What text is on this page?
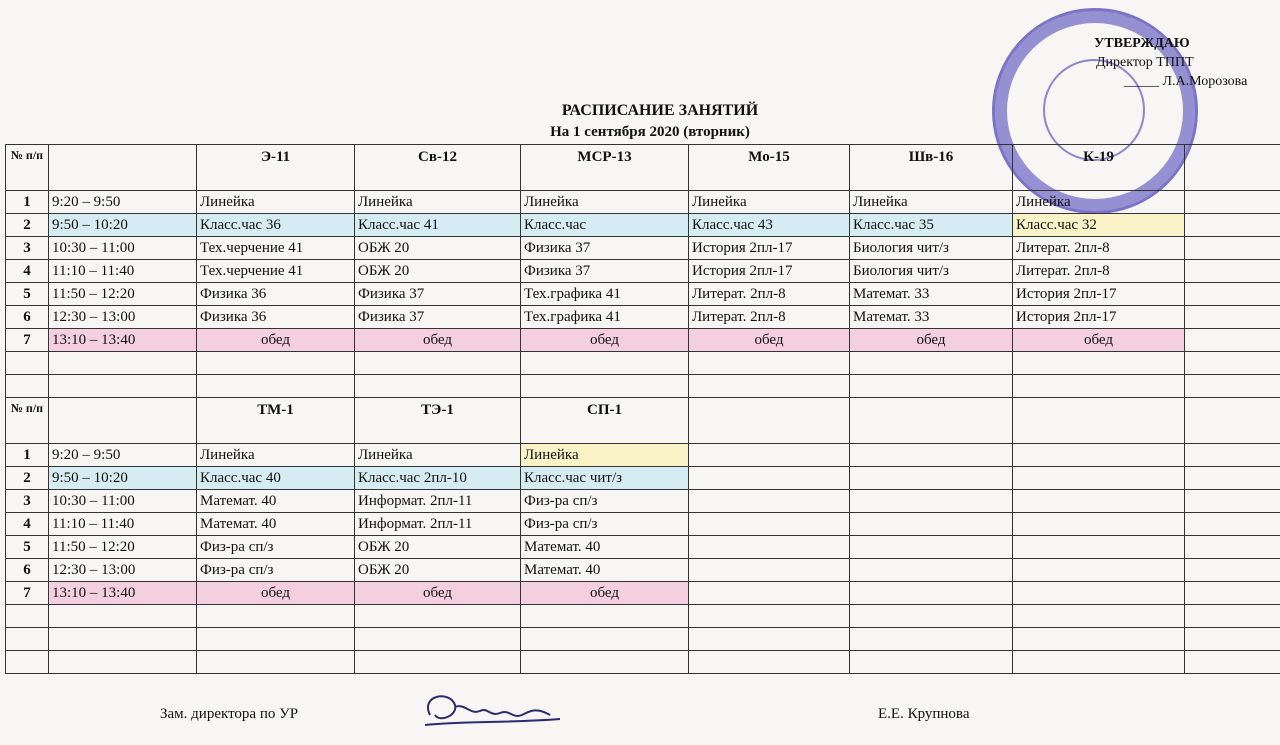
УТВЕРЖДАЮ
Директор ТППТ
_____ Л.А.Морозова
РАСПИСАНИЕ ЗАНЯТИЙ
На 1 сентября 2020 (вторник)
№ п/п		Э-11	Св-12	МСР-13	Мо-15	Шв-16	К-19	
1	9:20 – 9:50	Линейка	Линейка	Линейка	Линейка	Линейка	Линейка	
2	9:50 – 10:20	Класс.час 36	Класс.час 41	Класс.час	Класс.час 43	Класс.час 35	Класс.час 32	
3	10:30 – 11:00	Тех.черчение 41	ОБЖ 20	Физика 37	История 2пл-17	Биология чит/з	Литерат. 2пл-8	
4	11:10 – 11:40	Тех.черчение 41	ОБЖ 20	Физика 37	История 2пл-17	Биология чит/з	Литерат. 2пл-8	
5	11:50 – 12:20	Физика 36	Физика 37	Тех.графика 41	Литерат. 2пл-8	Математ. 33	История 2пл-17	
6	12:30 – 13:00	Физика 36	Физика 37	Тех.графика 41	Литерат. 2пл-8	Математ. 33	История 2пл-17	
7	13:10 – 13:40	обед	обед	обед	обед	обед	обед	

№ п/п		ТМ-1	ТЭ-1	СП-1				
1	9:20 – 9:50	Линейка	Линейка	Линейка				
2	9:50 – 10:20	Класс.час 40	Класс.час 2пл-10	Класс.час чит/з				
3	10:30 – 11:00	Математ. 40	Информат. 2пл-11	Физ-ра сп/з				
4	11:10 – 11:40	Математ. 40	Информат. 2пл-11	Физ-ра сп/з				
5	11:50 – 12:20	Физ-ра сп/з	ОБЖ 20	Математ. 40				
6	12:30 – 13:00	Физ-ра сп/з	ОБЖ 20	Математ. 40				
7	13:10 – 13:40	обед	обед	обед				

Зам. директора по УР	Е.Е. Крупнова
